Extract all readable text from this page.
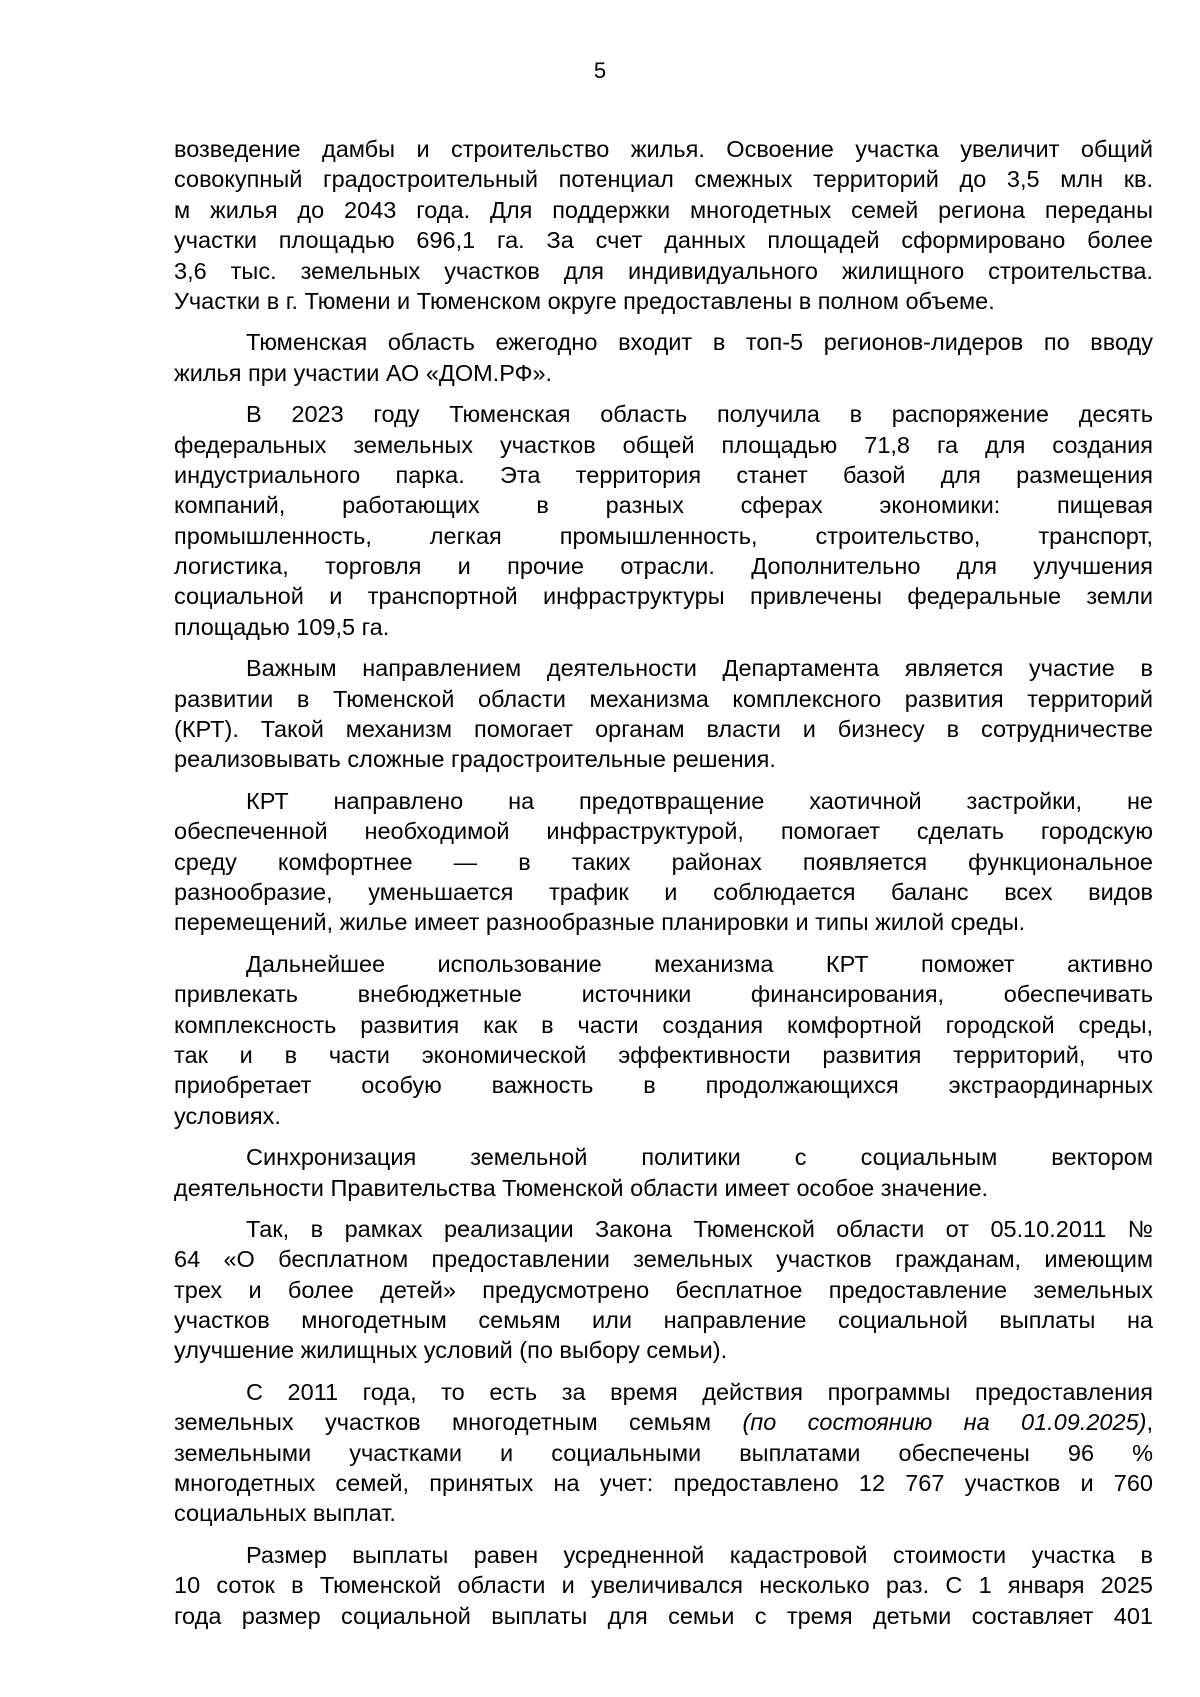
5
возведение дамбы и строительство жилья. Освоение участка увеличит общий
совокупный градостроительный потенциал смежных территорий до 3,5 млн кв.
м жилья до 2043 года. Для поддержки многодетных семей региона переданы
участки площадью 696,1 га. За счет данных площадей сформировано более
3,6 тыс. земельных участков для индивидуального жилищного строительства.
Участки в г. Тюмени и Тюменском округе предоставлены в полном объеме.
Тюменская область ежегодно входит в топ-5 регионов-лидеров по вводу
жилья при участии АО «ДОМ.РФ».
В 2023 году Тюменская область получила в распоряжение десять
федеральных земельных участков общей площадью 71,8 га для создания
индустриального парка. Эта территория станет базой для размещения
компаний, работающих в разных сферах экономики: пищевая
промышленность, легкая промышленность, строительство, транспорт,
логистика, торговля и прочие отрасли. Дополнительно для улучшения
социальной и транспортной инфраструктуры привлечены федеральные земли
площадью 109,5 га.
Важным направлением деятельности Департамента является участие в
развитии в Тюменской области механизма комплексного развития территорий
(КРТ). Такой механизм помогает органам власти и бизнесу в сотрудничестве
реализовывать сложные градостроительные решения.
КРТ направлено на предотвращение хаотичной застройки, не
обеспеченной необходимой инфраструктурой, помогает сделать городскую
среду комфортнее — в таких районах появляется функциональное
разнообразие, уменьшается трафик и соблюдается баланс всех видов
перемещений, жилье имеет разнообразные планировки и типы жилой среды.
Дальнейшее использование механизма КРТ поможет активно
привлекать внебюджетные источники финансирования, обеспечивать
комплексность развития как в части создания комфортной городской среды,
так и в части экономической эффективности развития территорий, что
приобретает особую важность в продолжающихся экстраординарных
условиях.
Синхронизация земельной политики с социальным вектором
деятельности Правительства Тюменской области имеет особое значение.
Так, в рамках реализации Закона Тюменской области от 05.10.2011 №
64 «О бесплатном предоставлении земельных участков гражданам, имеющим
трех и более детей» предусмотрено бесплатное предоставление земельных
участков многодетным семьям или направление социальной выплаты на
улучшение жилищных условий (по выбору семьи).
С 2011 года, то есть за время действия программы предоставления
земельных участков многодетным семьям (по состоянию на 01.09.2025),
земельными участками и социальными выплатами обеспечены 96 %
многодетных семей, принятых на учет: предоставлено 12 767 участков и 760
социальных выплат.
Размер выплаты равен усредненной кадастровой стоимости участка в
10 соток в Тюменской области и увеличивался несколько раз. С 1 января 2025
года размер социальной выплаты для семьи с тремя детьми составляет 401
